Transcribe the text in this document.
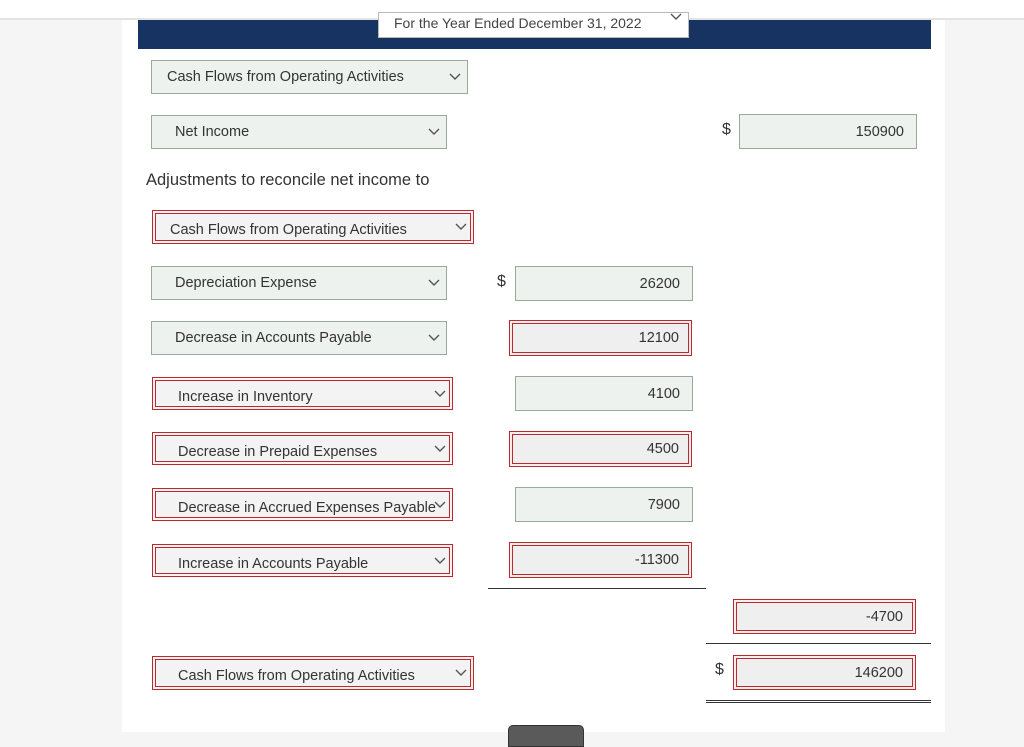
For the Year Ended December 31, 2022
Cash Flows from Operating Activities
Net Income	$	150900
Adjustments to reconcile net income to
Cash Flows from Operating Activities
Depreciation Expense	$	26200
Decrease in Accounts Payable	12100
Increase in Inventory	4100
Decrease in Prepaid Expenses	4500
Decrease in Accrued Expenses Payable	7900
Increase in Accounts Payable	-11300
-4700
Cash Flows from Operating Activities	$	146200
